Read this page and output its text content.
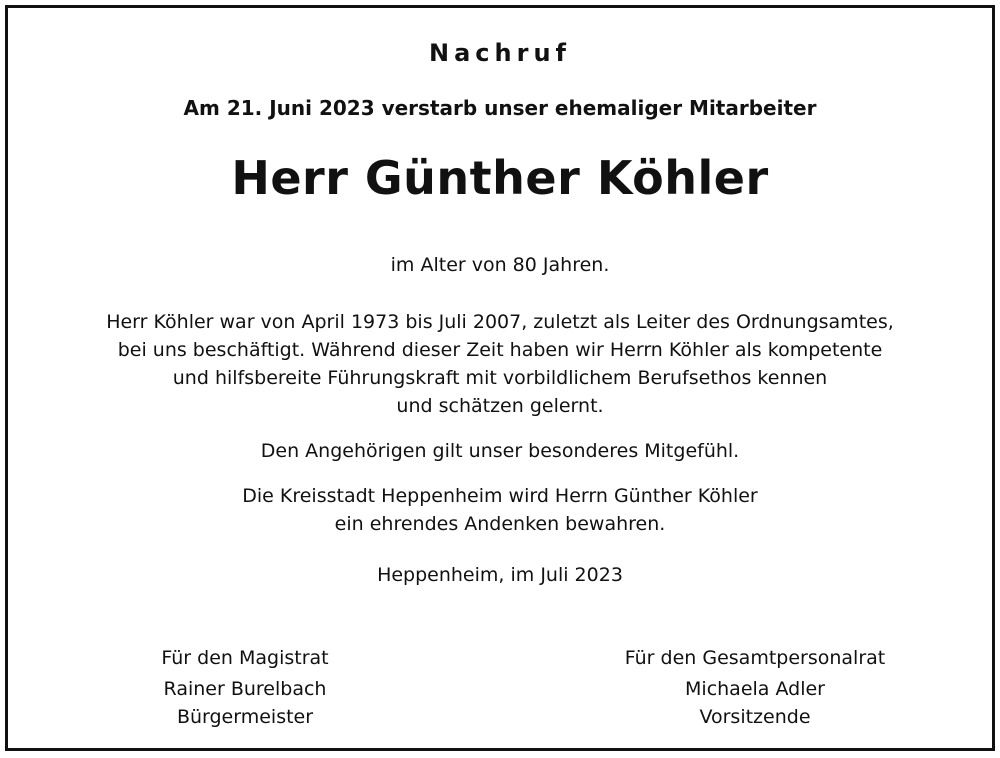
Nachruf
Am 21. Juni 2023 verstarb unser ehemaliger Mitarbeiter
Herr Günther Köhler
im Alter von 80 Jahren.
Herr Köhler war von April 1973 bis Juli 2007, zuletzt als Leiter des Ordnungsamtes,
bei uns beschäftigt. Während dieser Zeit haben wir Herrn Köhler als kompetente
und hilfsbereite Führungskraft mit vorbildlichem Berufsethos kennen
und schätzen gelernt.
Den Angehörigen gilt unser besonderes Mitgefühl.
Die Kreisstadt Heppenheim wird Herrn Günther Köhler
ein ehrendes Andenken bewahren.
Heppenheim, im Juli 2023
Für den Magistrat
Rainer Burelbach
Bürgermeister
Für den Gesamtpersonalrat
Michaela Adler
Vorsitzende
